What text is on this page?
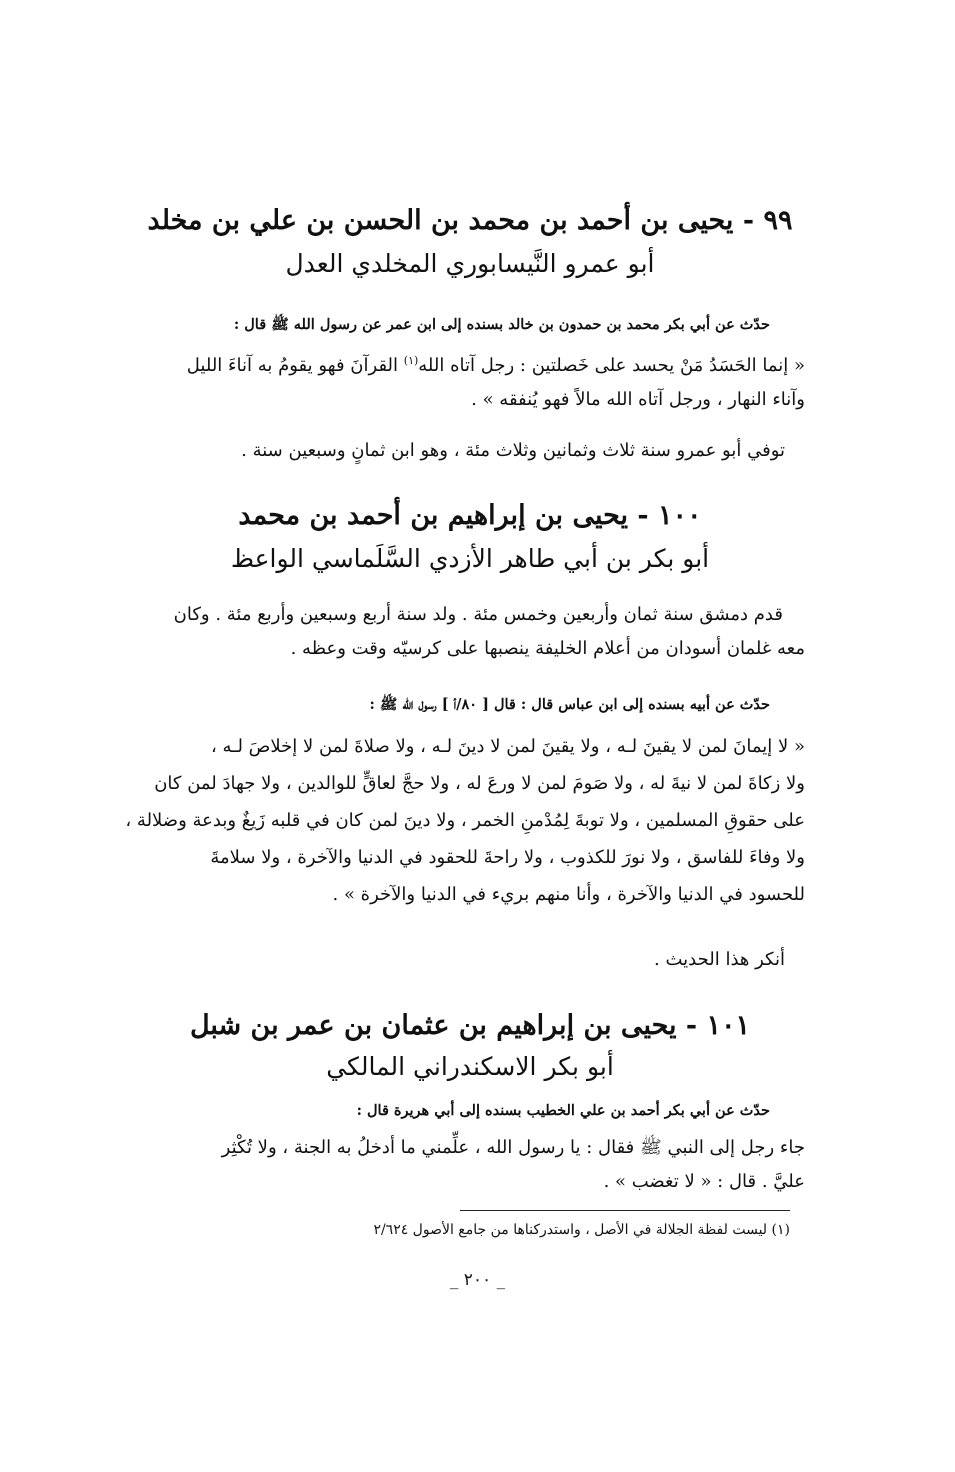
٩٩ - يحيى بن أحمد بن محمد بن الحسن بن علي بن مخلد
أبو عمرو النَّيسابوري المخلدي العدل
حدّث عن أبي بكر محمد بن حمدون بن خالد بسنده إلى ابن عمر عن رسول الله ﷺ قال :
« إنما الحَسَدُ مَنْ يحسد على خَصلتين : رجل آتاه الله$^{(١)}$ القرآنَ فهو يقومُ به آناءَ الليل
وآناء النهار ، ورجل آتاه الله مالاً فهو يُنفقه » .
توفي أبو عمرو سنة ثلاث وثمانين وثلاث مئة ، وهو ابن ثمانٍ وسبعين سنة .
١٠٠ - يحيى بن إبراهيم بن أحمد بن محمد
أبو بكر بن أبي طاهر الأزدي السَّلَماسي الواعظ
قدم دمشق سنة ثمان وأربعين وخمس مئة . ولد سنة أربع وسبعين وأربع مئة . وكان
معه غلمان أسودان من أعلام الخليفة ينصبها على كرسيّه وقت وعظه .
حدّث عن أبيه بسنده إلى ابن عباس قال : قال [ ٨٠/أ ] رسول الله ﷺ :
« لا إيمانَ لمن لا يقينَ لـه ، ولا يقينَ لمن لا دينَ لـه ، ولا صلاةَ لمن لا إخلاصَ لـه ،
ولا زكاةَ لمن لا نيةَ له ، ولا صَومَ لمن لا ورعَ له ، ولا حجَّ لعاقٍّ للوالدين ، ولا جهادَ لمن كان
على حقوقِ المسلمين ، ولا توبةَ لِمُدْمنِ الخمر ، ولا دينَ لمن كان في قلبه زَيغٌ وبدعة وضلالة ،
ولا وفاءَ للفاسق ، ولا نورَ للكذوب ، ولا راحةَ للحقود في الدنيا والآخرة ، ولا سلامةَ
للحسود في الدنيا والآخرة ، وأنا منهم بريء في الدنيا والآخرة » .
أنكر هذا الحديث .
١٠١ - يحيى بن إبراهيم بن عثمان بن عمر بن شبل
أبو بكر الاسكندراني المالكي
حدّث عن أبي بكر أحمد بن علي الخطيب بسنده إلى أبي هريرة قال :
جاء رجل إلى النبي ﷺ فقال : يا رسول الله ، علِّمني ما أدخلُ به الجنة ، ولا تُكْثِر
عليَّ . قال : « لا تغضب » .
(١) ليست لفظة الجلالة في الأصل ، واستدركناها من جامع الأصول ٢/٦٢٤
_ ٢٠٠ _
